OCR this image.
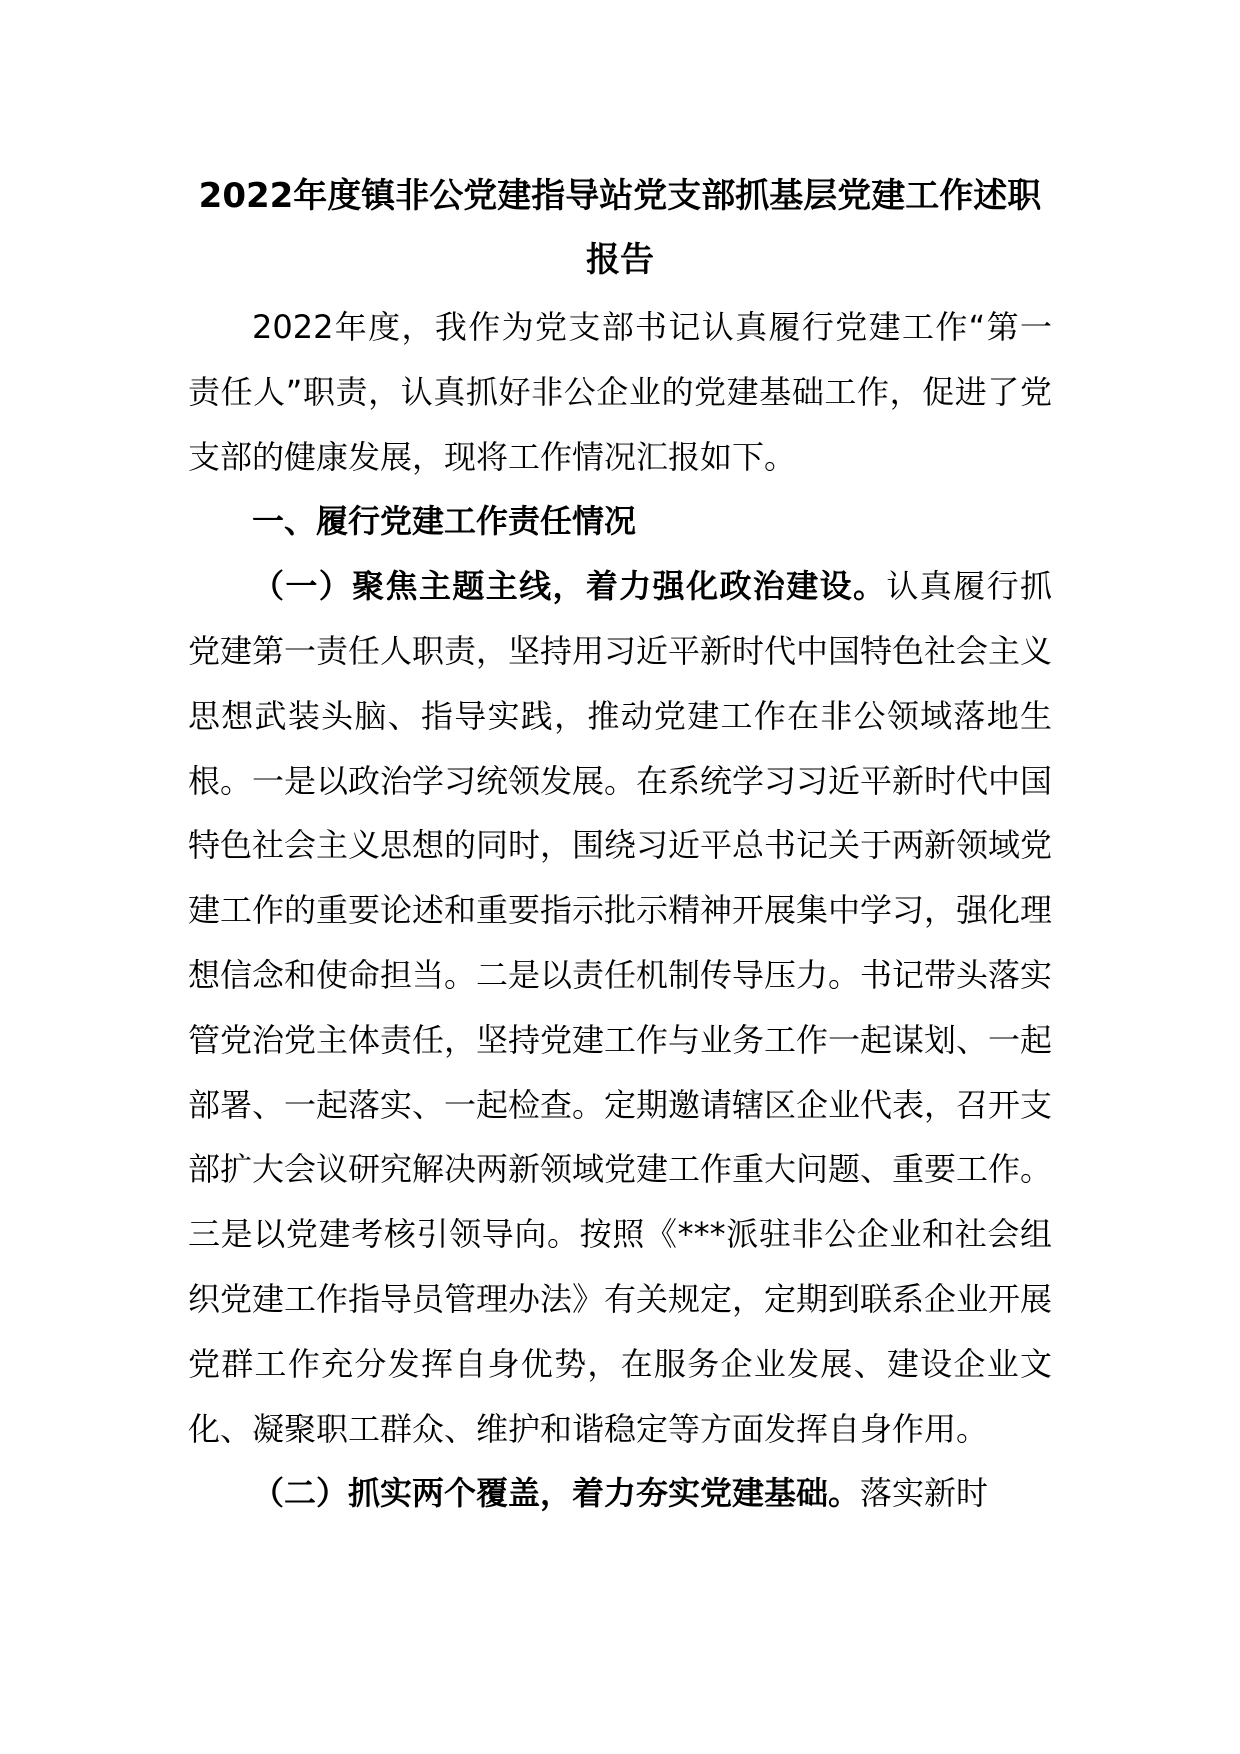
2022年度镇非公党建指导站党支部抓基层党建工作述职
报告

2022年度，我作为党支部书记认真履行党建工作“第一责任人”职责，认真抓好非公企业的党建基础工作，促进了党支部的健康发展，现将工作情况汇报如下。

一、履行党建工作责任情况

（一）聚焦主题主线，着力强化政治建设。认真履行抓党建第一责任人职责，坚持用习近平新时代中国特色社会主义思想武装头脑、指导实践，推动党建工作在非公领域落地生根。一是以政治学习统领发展。在系统学习习近平新时代中国特色社会主义思想的同时，围绕习近平总书记关于两新领域党建工作的重要论述和重要指示批示精神开展集中学习，强化理想信念和使命担当。二是以责任机制传导压力。书记带头落实管党治党主体责任，坚持党建工作与业务工作一起谋划、一起部署、一起落实、一起检查。定期邀请辖区企业代表，召开支部扩大会议研究解决两新领域党建工作重大问题、重要工作。三是以党建考核引领导向。按照《***派驻非公企业和社会组织党建工作指导员管理办法》有关规定，定期到联系企业开展党群工作充分发挥自身优势，在服务企业发展、建设企业文化、凝聚职工群众、维护和谐稳定等方面发挥自身作用。

（二）抓实两个覆盖，着力夯实党建基础。落实新时
